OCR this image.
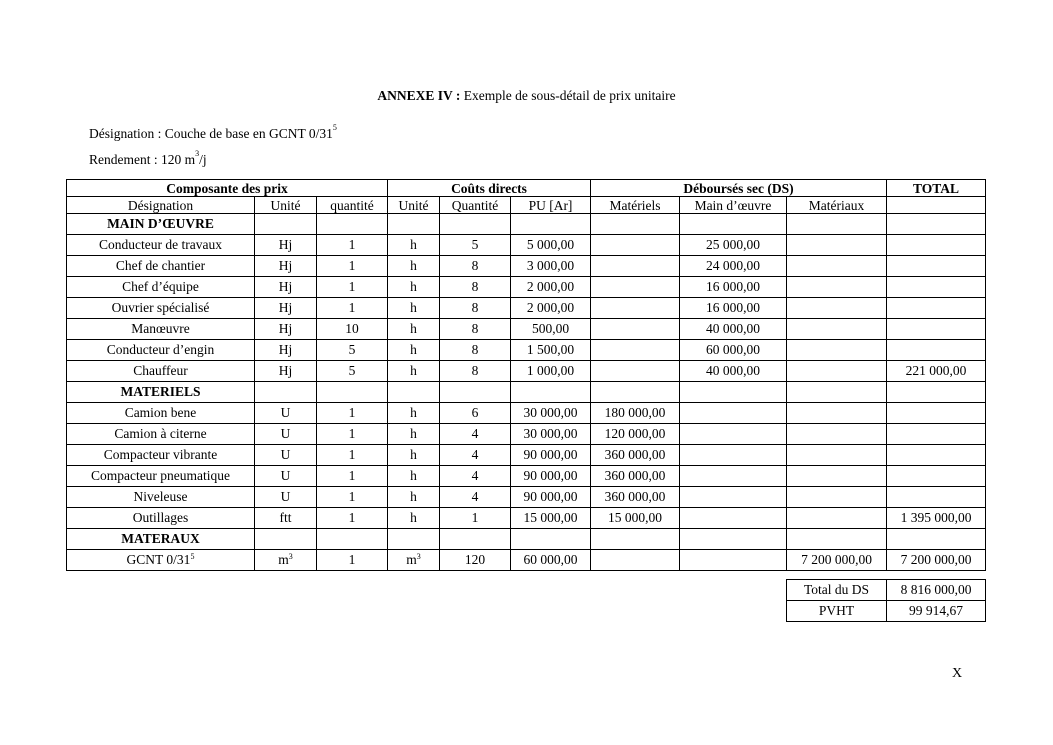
ANNEXE IV : Exemple de sous-détail de prix unitaire
Désignation : Couche de base en GCNT $0/31^5$
Rendement : 120 $m^3/j$
Composante des prix			Coûts directs			Déboursés sec (DS)			TOTAL
Désignation	Unité	quantité	Unité	Quantité	PU [Ar]	Matériels	Main d’œuvre	Matériaux	
MAIN D’ŒUVRE									
Conducteur de travaux	Hj	1	h	5	5 000,00		25 000,00		
Chef de chantier	Hj	1	h	8	3 000,00		24 000,00		
Chef d’équipe	Hj	1	h	8	2 000,00		16 000,00		
Ouvrier spécialisé	Hj	1	h	8	2 000,00		16 000,00		
Manœuvre	Hj	10	h	8	500,00		40 000,00		
Conducteur d’engin	Hj	5	h	8	1 500,00		60 000,00		
Chauffeur	Hj	5	h	8	1 000,00		40 000,00		221 000,00
MATERIELS									
Camion bene	U	1	h	6	30 000,00	180 000,00			
Camion à citerne	U	1	h	4	30 000,00	120 000,00			
Compacteur vibrante	U	1	h	4	90 000,00	360 000,00			
Compacteur pneumatique	U	1	h	4	90 000,00	360 000,00			
Niveleuse	U	1	h	4	90 000,00	360 000,00			
Outillages	ftt	1	h	1	15 000,00	15 000,00			1 395 000,00
MATERAUX									
GCNT $0/31^5$	$m^3$	1	$m^3$	120	60 000,00			7 200 000,00	7 200 000,00
Total du DS	8 816 000,00
PVHT	99 914,67
X
